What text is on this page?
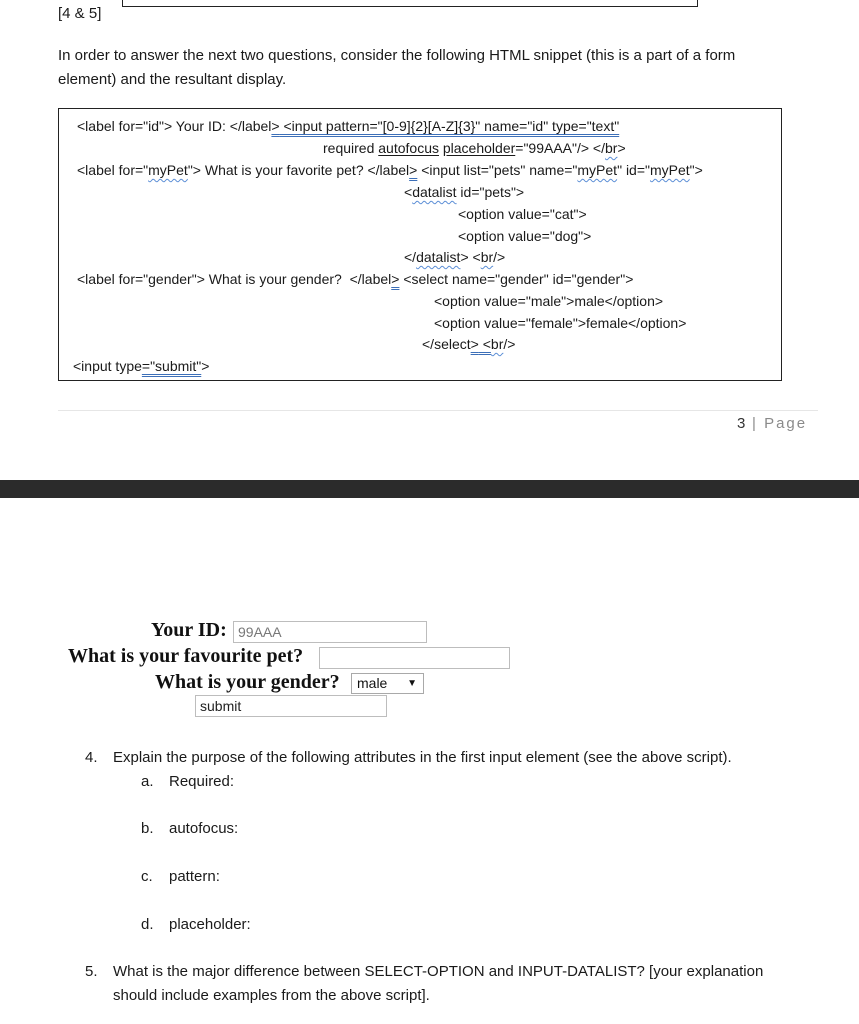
[4 & 5]
In order to answer the next two questions, consider the following HTML snippet (this is a part of a form
element) and the resultant display.
<label for="id"> Your ID: </label> <input pattern="[0-9]{2}[A-Z]{3}" name="id" type="text"
required autofocus placeholder="99AAA"/> </br>
<label for="myPet"> What is your favorite pet? </label> <input list="pets" name="myPet" id="myPet">
<datalist id="pets">
<option value="cat">
<option value="dog">
</datalist> <br/>
<label for="gender"> What is your gender?  </label> <select name="gender" id="gender">
<option value="male">male</option>
<option value="female">female</option>
</select> <br/>
<input type="submit">
3 | Page
Your ID: 99AAA
What is your favourite pet?
What is your gender?	male ▼
submit
4. Explain the purpose of the following attributes in the first input element (see the above script).
a. Required:
b. autofocus:
c. pattern:
d. placeholder:
5. What is the major difference between SELECT-OPTION and INPUT-DATALIST? [your explanation
should include examples from the above script].
